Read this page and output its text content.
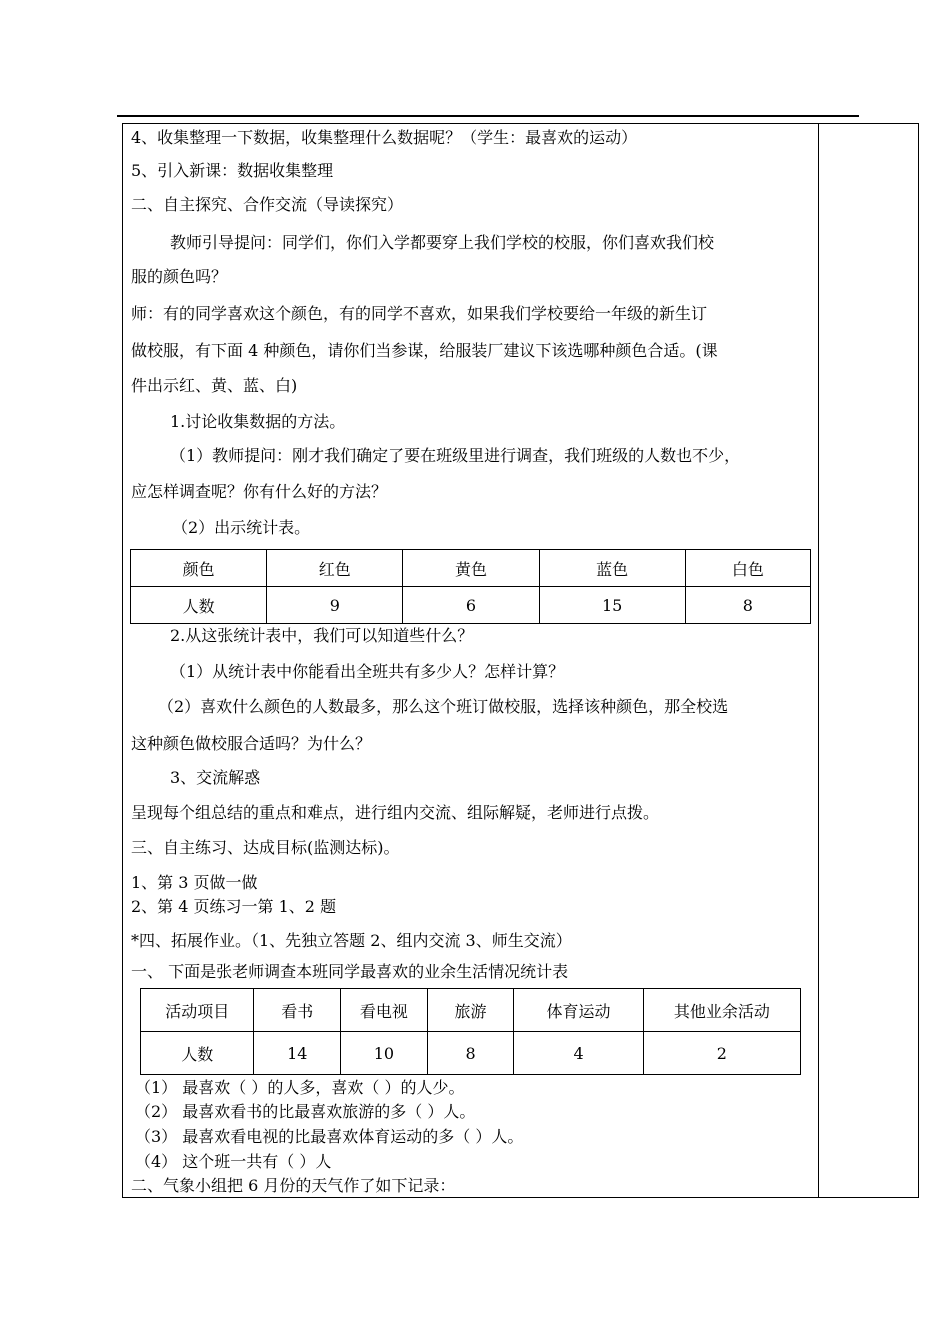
4、收集整理一下数据，收集整理什么数据呢？（学生：最喜欢的运动）
5、引入新课：数据收集整理
二、自主探究、合作交流（导读探究）
教师引导提问：同学们，你们入学都要穿上我们学校的校服，你们喜欢我们校
服的颜色吗？
师：有的同学喜欢这个颜色，有的同学不喜欢，如果我们学校要给一年级的新生订
做校服，有下面 4 种颜色，请你们当参谋，给服装厂建议下该选哪种颜色合适。(课
件出示红、黄、蓝、白)
1.讨论收集数据的方法。
（1）教师提问：刚才我们确定了要在班级里进行调查，我们班级的人数也不少，
应怎样调查呢？你有什么好的方法？
（2）出示统计表。
颜色	红色	黄色	蓝色	白色
人数	9	6	15	8
2.从这张统计表中，我们可以知道些什么？
（1）从统计表中你能看出全班共有多少人？怎样计算？
（2）喜欢什么颜色的人数最多，那么这个班订做校服，选择该种颜色，那全校选
这种颜色做校服合适吗？为什么？
3、交流解惑
呈现每个组总结的重点和难点，进行组内交流、组际解疑，老师进行点拨。
三、自主练习、达成目标(监测达标)。
1、第 3 页做一做
2、第 4 页练习一第 1、2 题
*四、拓展作业。（1、先独立答题 2、组内交流 3、师生交流）
一、 下面是张老师调查本班同学最喜欢的业余生活情况统计表
活动项目	看书	看电视	旅游	体育运动	其他业余活动
人数	14	10	8	4	2
（1） 最喜欢（ ）的人多，喜欢（ ）的人少。
（2） 最喜欢看书的比最喜欢旅游的多（ ）人。
（3） 最喜欢看电视的比最喜欢体育运动的多（ ）人。
（4） 这个班一共有（ ）人
二、气象小组把 6 月份的天气作了如下记录：
